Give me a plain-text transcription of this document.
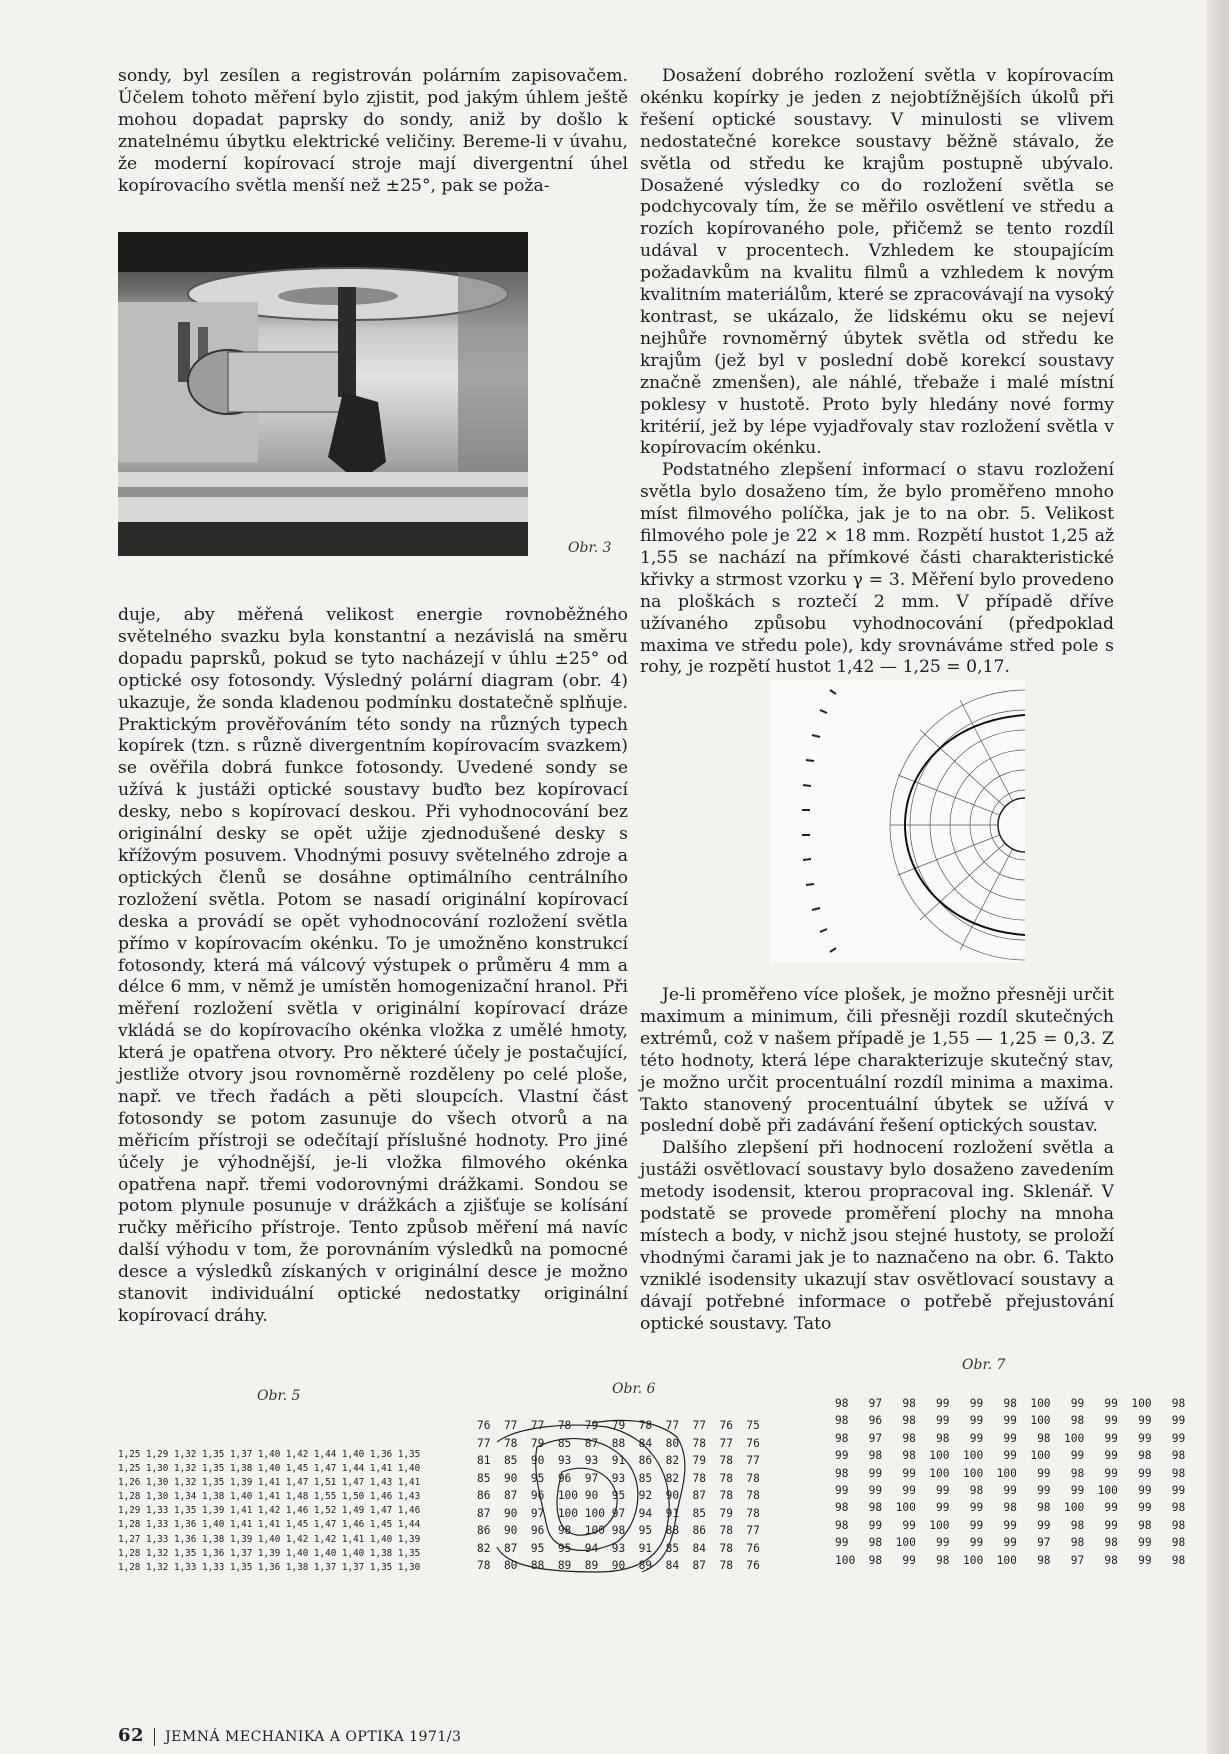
sondy, byl zesílen a registrován polárním zapisovačem. Účelem tohoto měření bylo zjistit, pod jakým úhlem ještě mohou dopadat paprsky do sondy, aniž by došlo k znatelnému úbytku elektrické veličiny. Bereme-li v úvahu, že moderní kopírovací stroje mají divergentní úhel kopírovacího světla menší než ±25°, pak se poža-

Obr. 3

duje, aby měřená velikost energie rovnoběžného světelného svazku byla konstantní a nezávislá na směru dopadu paprsků, pokud se tyto nacházejí v úhlu ±25° od optické osy fotosondy. Výsledný polární diagram (obr. 4) ukazuje, že sonda kladenou podmínku dostatečně splňuje. Praktickým prověřováním této sondy na různých typech kopírek (tzn. s různě divergentním kopírovacím svazkem) se ověřila dobrá funkce fotosondy. Uvedené sondy se užívá k justáži optické soustavy buďto bez kopírovací desky, nebo s kopírovací deskou. Při vyhodnocování bez originální desky se opět užije zjednodušené desky s křížovým posuvem. Vhodnými posuvy světelného zdroje a optických členů se dosáhne optimálního centrálního rozložení světla. Potom se nasadí originální kopírovací deska a provádí se opět vyhodnocování rozložení světla přímo v kopírovacím okénku. To je umožněno konstrukcí fotosondy, která má válcový výstupek o průměru 4 mm a délce 6 mm, v němž je umístěn homogenizační hranol. Při měření rozložení světla v originální kopírovací dráze vkládá se do kopírovacího okénka vložka z umělé hmoty, která je opatřena otvory. Pro některé účely je postačující, jestliže otvory jsou rovnoměrně rozděleny po celé ploše, např. ve třech řadách a pěti sloupcích. Vlastní část fotosondy se potom zasunuje do všech otvorů a na měřicím přístroji se odečítají příslušné hodnoty. Pro jiné účely je výhodnější, je-li vložka filmového okénka opatřena např. třemi vodorovnými drážkami. Sondou se potom plynule posunuje v drážkách a zjišťuje se kolísání ručky měřicího přístroje. Tento způsob měření má navíc další výhodu v tom, že porovnáním výsledků na pomocné desce a výsledků získaných v originální desce je možno stanovit individuální optické nedostatky originální kopírovací dráhy.

Dosažení dobrého rozložení světla v kopírovacím okénku kopírky je jeden z nejobtížnějších úkolů při řešení optické soustavy. V minulosti se vlivem nedostatečné korekce soustavy běžně stávalo, že světla od středu ke krajům postupně ubývalo. Dosažené výsledky co do rozložení světla se podchycovaly tím, že se měřilo osvětlení ve středu a rozích kopírovaného pole, přičemž se tento rozdíl udával v procentech. Vzhledem ke stoupajícím požadavkům na kvalitu filmů a vzhledem k novým kvalitním materiálům, které se zpracovávají na vysoký kontrast, se ukázalo, že lidskému oku se nejeví nejhůře rovnoměrný úbytek světla od středu ke krajům (jež byl v poslední době korekcí soustavy značně zmenšen), ale náhlé, třebaže i malé místní poklesy v hustotě. Proto byly hledány nové formy kritérií, jež by lépe vyjadřovaly stav rozložení světla v kopírovacím okénku.

Podstatného zlepšení informací o stavu rozložení světla bylo dosaženo tím, že bylo proměřeno mnoho míst filmového políčka, jak je to na obr. 5. Velikost filmového pole je 22 × 18 mm. Rozpětí hustot 1,25 až 1,55 se nachází na přímkové části charakteristické křivky a strmost vzorku γ = 3. Měření bylo provedeno na ploškách s roztečí 2 mm. V případě dříve užívaného způsobu vyhodnocování (předpoklad maxima ve středu pole), kdy srovnáváme střed pole s rohy, je rozpětí hustot 1,42 — 1,25 = 0,17.

Je-li proměřeno více plošek, je možno přesněji určit maximum a minimum, čili přesněji rozdíl skutečných extrémů, což v našem případě je 1,55 — 1,25 = 0,3. Z této hodnoty, která lépe charakterizuje skutečný stav, je možno určit procentuální rozdíl minima a maxima. Takto stanovený procentuální úbytek se užívá v poslední době při zadávání řešení optických soustav.

Dalšího zlepšení při hodnocení rozložení světla a justáži osvětlovací soustavy bylo dosaženo zavedením metody isodensit, kterou propracoval ing. Sklenář. V podstatě se provede proměření plochy na mnoha místech a body, v nichž jsou stejné hustoty, se proloží vhodnými čarami jak je to naznačeno na obr. 6. Takto vzniklé isodensity ukazují stav osvětlovací soustavy a dávají potřebné informace o potřebě přejustování optické soustavy. Tato

Obr. 5	Obr. 6
Obr. 7
1,25 1,29 1,32 1,35 1,37 1,40 1,42 1,44 1,40 1,36 1,35
1,25 1,30 1,32 1,35 1,38 1,40 1,45 1,47 1,44 1,41 1,40
1,26 1,30 1,32 1,35 1,39 1,41 1,47 1,51 1,47 1,43 1,41
1,28 1,30 1,34 1,38 1,40 1,41 1,48 1,55 1,50 1,46 1,43
1,29 1,33 1,35 1,39 1,41 1,42 1,46 1,52 1,49 1,47 1,46
1,28 1,33 1,36 1,40 1,41 1,41 1,45 1,47 1,46 1,45 1,44
1,27 1,33 1,36 1,38 1,39 1,40 1,42 1,42 1,41 1,40 1,39
1,28 1,32 1,35 1,36 1,37 1,39 1,40 1,40 1,40 1,38 1,35
1,28 1,32 1,33 1,33 1,35 1,36 1,38 1,37 1,37 1,35 1,30
76  77  77  78  79  79  78  77  77  76  75
77  78  79  85  87  88  84  80  78  77  76
81  85  90  93  93  91  86  82  79  78  77
85  90  95  96  97  93  85  82  78  78  78
86  87  96  100 90  95  92  90  87  78  78
87  90  97  100 100 97  94  91  85  79  78
86  90  96  98  100 98  95  88  86  78  77
82  87  95  95  94  93  91  85  84  78  76
78  80  88  89  89  90  89  84  87  78  76
98   97   98   99   99   98  100   99   99  100   98
98   96   98   99   99   99  100   98   99   99   99
98   97   98   98   99   99   98  100   99   99   99
99   98   98  100  100   99  100   99   99   98   98
98   99   99  100  100  100   99   98   99   99   98
99   99   99   99   98   99   99   99  100   99   99
98   98  100   99   99   98   98  100   99   99   98
98   99   99  100   99   99   99   98   99   98   98
99   98  100   99   99   99   97   98   98   99   98
100  98   99   98  100  100   98   97   98   99   98
62 JEMNÁ MECHANIKA A OPTIKA 1971/3
